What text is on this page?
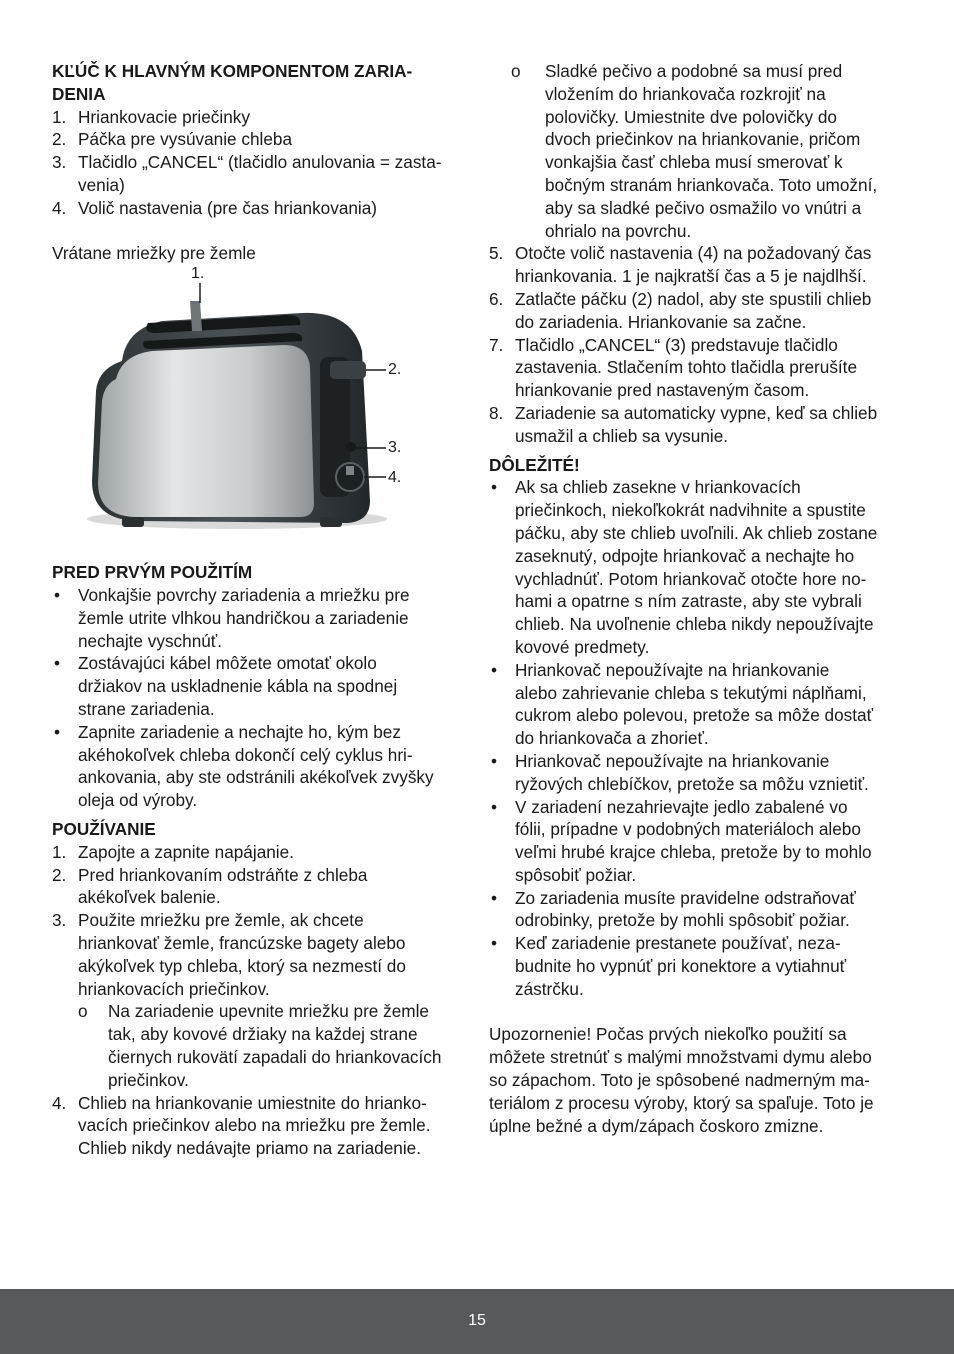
KĽÚČ K HLAVNÝM KOMPONENTOM ZARIA-

DENIA

1. Hriankovacie priečinky
2. Páčka pre vysúvanie chleba
3. Tlačidlo „CANCEL“ (tlačidlo anulovania = zasta-
venia)
4. Volič nastavenia (pre čas hriankovania)

Vrátane mriežky pre žemle

1.
2.
3.
4.

PRED PRVÝM POUŽITÍM

• Vonkajšie povrchy zariadenia a mriežku pre
žemle utrite vlhkou handričkou a zariadenie
nechajte vyschnúť.
• Zostávajúci kábel môžete omotať okolo
držiakov na uskladnenie kábla na spodnej
strane zariadenia.
• Zapnite zariadenie a nechajte ho, kým bez
akéhokoľvek chleba dokončí celý cyklus hri-
ankovania, aby ste odstránili akékoľvek zvyšky
oleja od výroby.

POUŽÍVANIE

1. Zapojte a zapnite napájanie.
2. Pred hriankovaním odstráňte z chleba
akékoľvek balenie.
3. Použite mriežku pre žemle, ak chcete
hriankovať žemle, francúzske bagety alebo
akýkoľvek typ chleba, ktorý sa nezmestí do
hriankovacích priečinkov.
o Na zariadenie upevnite mriežku pre žemle
tak, aby kovové držiaky na každej strane
čiernych rukovätí zapadali do hriankovacích
priečinkov.
4. Chlieb na hriankovanie umiestnite do hrianko-
vacích priečinkov alebo na mriežku pre žemle.
Chlieb nikdy nedávajte priamo na zariadenie.
o Sladké pečivo a podobné sa musí pred
vložením do hriankovača rozkrojiť na
polovičky. Umiestnite dve polovičky do
dvoch priečinkov na hriankovanie, pričom
vonkajšia časť chleba musí smerovať k
bočným stranám hriankovača. Toto umožní,
aby sa sladké pečivo osmažilo vo vnútri a
ohrialo na povrchu.
5. Otočte volič nastavenia (4) na požadovaný čas
hriankovania. 1 je najkratší čas a 5 je najdlhší.
6. Zatlačte páčku (2) nadol, aby ste spustili chlieb
do zariadenia. Hriankovanie sa začne.
7. Tlačidlo „CANCEL“ (3) predstavuje tlačidlo
zastavenia. Stlačením tohto tlačidla prerušíte
hriankovanie pred nastaveným časom.
8. Zariadenie sa automaticky vypne, keď sa chlieb
usmažil a chlieb sa vysunie.

DÔLEŽITÉ!

• Ak sa chlieb zasekne v hriankovacích
priečinkoch, niekoľkokrát nadvihnite a spustite
páčku, aby ste chlieb uvoľnili. Ak chlieb zostane
zaseknutý, odpojte hriankovač a nechajte ho
vychladnúť. Potom hriankovač otočte hore no-
hami a opatrne s ním zatraste, aby ste vybrali
chlieb. Na uvoľnenie chleba nikdy nepoužívajte
kovové predmety.
• Hriankovač nepoužívajte na hriankovanie
alebo zahrievanie chleba s tekutými náplňami,
cukrom alebo polevou, pretože sa môže dostať
do hriankovača a zhorieť.
• Hriankovač nepoužívajte na hriankovanie
ryžových chlebíčkov, pretože sa môžu vznietiť.
• V zariadení nezahrievajte jedlo zabalené vo
fólii, prípadne v podobných materiáloch alebo
veľmi hrubé krajce chleba, pretože by to mohlo
spôsobiť požiar.
• Zo zariadenia musíte pravidelne odstraňovať
odrobinky, pretože by mohli spôsobiť požiar.
• Keď zariadenie prestanete používať, neza-
budnite ho vypnúť pri konektore a vytiahnuť
zástrčku.
Upozornenie! Počas prvých niekoľko použití sa
môžete stretnúť s malými množstvami dymu alebo
so zápachom. Toto je spôsobené nadmerným ma-
teriálom z procesu výroby, ktorý sa spaľuje. Toto je
úplne bežné a dym/zápach čoskoro zmizne.
15
